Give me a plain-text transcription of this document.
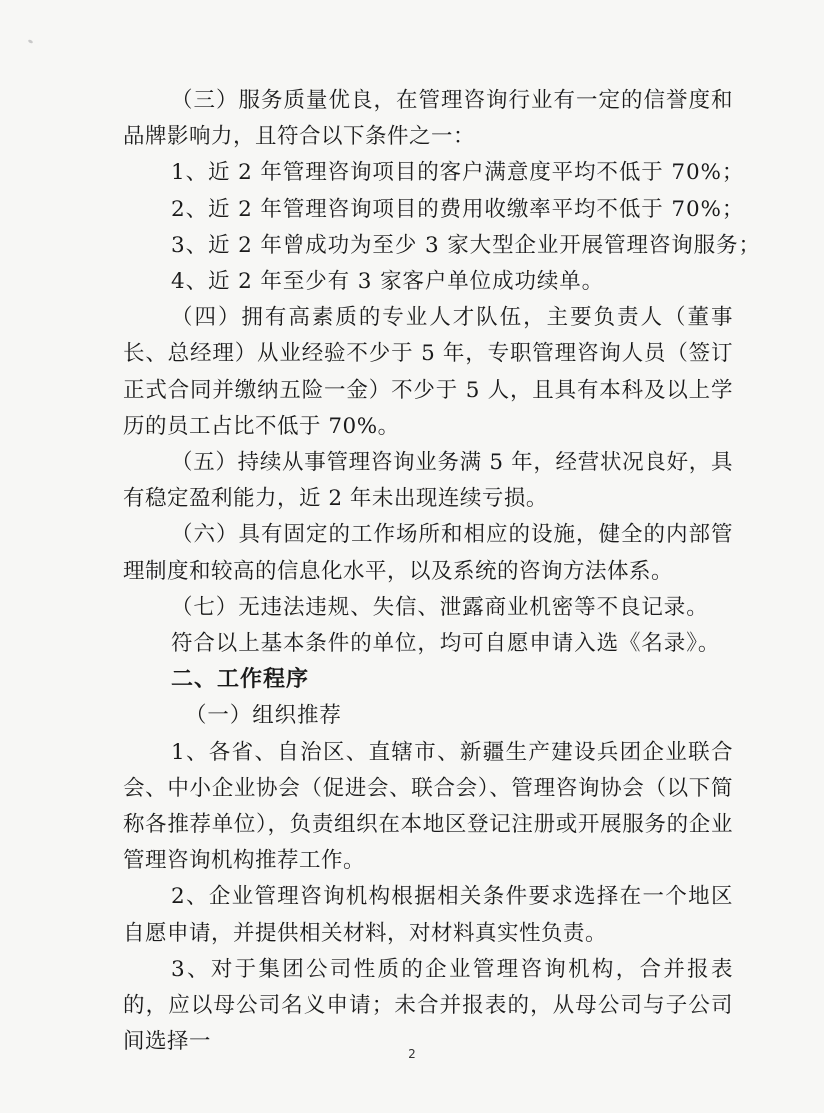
（三）服务质量优良，在管理咨询行业有一定的信誉度和品牌影响力，且符合以下条件之一：
1、近 2 年管理咨询项目的客户满意度平均不低于 70%；
2、近 2 年管理咨询项目的费用收缴率平均不低于 70%；
3、近 2 年曾成功为至少 3 家大型企业开展管理咨询服务；
4、近 2 年至少有 3 家客户单位成功续单。
（四）拥有高素质的专业人才队伍，主要负责人（董事长、总经理）从业经验不少于 5 年，专职管理咨询人员（签订正式合同并缴纳五险一金）不少于 5 人，且具有本科及以上学历的员工占比不低于 70%。
（五）持续从事管理咨询业务满 5 年，经营状况良好，具有稳定盈利能力，近 2 年未出现连续亏损。
（六）具有固定的工作场所和相应的设施，健全的内部管理制度和较高的信息化水平，以及系统的咨询方法体系。
（七）无违法违规、失信、泄露商业机密等不良记录。
符合以上基本条件的单位，均可自愿申请入选《名录》。
二、工作程序
（一）组织推荐
1、各省、自治区、直辖市、新疆生产建设兵团企业联合会、中小企业协会（促进会、联合会）、管理咨询协会（以下简称各推荐单位），负责组织在本地区登记注册或开展服务的企业管理咨询机构推荐工作。
2、企业管理咨询机构根据相关条件要求选择在一个地区自愿申请，并提供相关材料，对材料真实性负责。
3、对于集团公司性质的企业管理咨询机构，合并报表的，应以母公司名义申请；未合并报表的，从母公司与子公司间选择一	2
